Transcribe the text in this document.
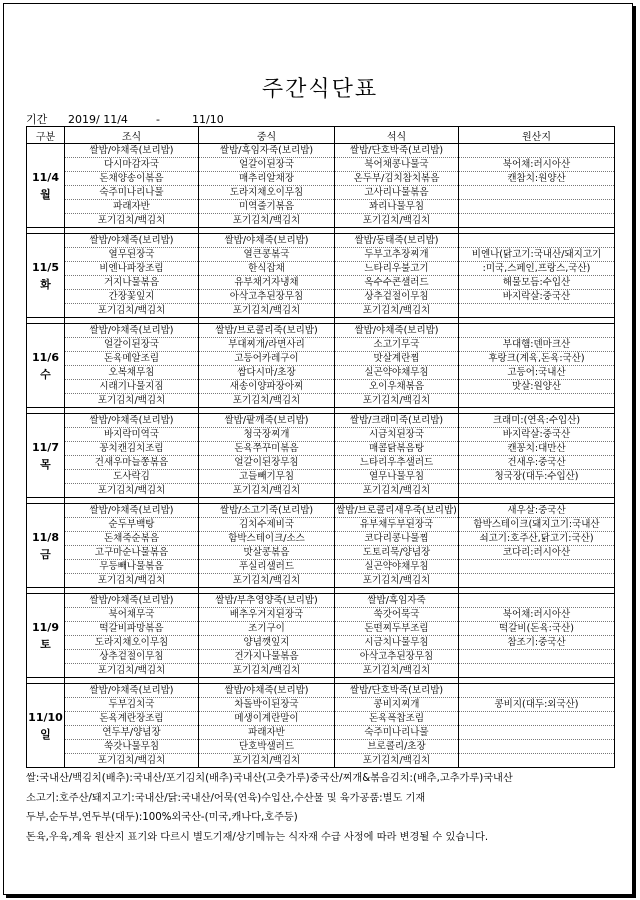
주간식단표
기간 2019/ 11/4	-	11/10
구분	조식	중식	석식	원산지
11/4
월	쌀밥/야채죽(보리밥)	쌀밥/흑임자죽(보리밥)	쌀밥/단호박죽(보리밥)	
	다시마감자국	얼갈이된장국	북어채콩나물국	북어채:러시아산
	돈채양송이볶음	매추리알채장	온두부/김치참치볶음	캔참치:원양산
	숙주미나리나물	도라지채오이무침	고사리나물볶음	
	파래자반	미역줄기볶음	꽈리나물무침	
	포기김치/백김치	포기김치/백김치	포기김치/백김치	

11/5
화	쌀밥/야채죽(보리밥)	쌀밥/야채죽(보리밥)	쌀밥/동태죽(보리밥)	
	열무된장국	열큰콩볶국	두부고추장찌개	비엔나(닭고기:국내산/돼지고기
	비엔나파장조림	한식잡채	느타리우불고기	:미국,스페인,프랑스,국산)
	거지나물볶음	유부채거자냉채	옥수수콘샐러드	해물모듬:수입산
	간장꽃잎지	아삭고추된장무침	상추겉절이무침	바지락살:중국산
	포기김치/백김치	포기김치/백김치	포기김치/백김치	

11/6
수	쌀밥/야채죽(보리밥)	쌀밥/브로콜리죽(보리밥)	쌀밥/야채죽(보리밥)	
	얼갈이된장국	부대찌개/라면사리	소고기무국	부대햄:덴마크산
	돈육메알조림	고등어카레구이	맛살계란찜	후랑크(계육,돈육:국산)
	오복채무침	쌈다시마/초장	실곤약야채무침	고등어:국내산
	시래기나물지짐	새송이양파장아찌	오이우채볶음	맛살:원양산
	포기김치/백김치	포기김치/백김치	포기김치/백김치	

11/7
목	쌀밥/야채죽(보리밥)	쌀밥/팥깨죽(보리밥)	쌀밥/크래미죽(보리밥)	크래미:(연육:수입산)
	바지락미역국	청국장찌개	시금치된장국	바지락살:중국산
	꽁치캔김치조림	돈육쭈꾸미볶음	매콤닭볶음탕	캔꽁치:대만산
	건새우마늘쫑볶음	얼갈이된장무침	느타리우추샐러드	건새우:중국산
	도사락김	고들빼기무침	열무나물무침	청국장(대두:수입산)
	포기김치/백김치	포기김치/백김치	포기김치/백김치	

11/8
금	쌀밥/야채죽(보리밥)	쌀밥/소고기죽(보리밥)	쌀밥/브로콜리새우죽(보리밥)	새우살:중국산
	순두부백탕	김치수제비국	유부채두부된장국	함박스테이크(돼지고기:국내산
	돈채죽순볶음	함박스테이크/소스	코다리콩나물찜	쇠고기:호주산,닭고기:국산)
	고구마순나물볶음	맛살콩볶음	도토리묵/양념장	코다리:러시아산
	무등빼나물볶음	푸실리샐러드	실곤약야채무침	
	포기김치/백김치	포기김치/백김치	포기김치/백김치	

11/9
토	쌀밥/야채죽(보리밥)	쌀밥/부추영양죽(보리밥)	쌀밥/흑임자죽	
	북어채무국	배추우거지된장국	쑥갓어묵국	북어채:러시아산
	떡갈비파망볶음	조기구이	돈떤찌두부조림	떡갈비(돈육:국산)
	도라지채오이무침	양념깻잎지	시금치나물무침	참조기:중국산
	상추겉절이무침	건가지나물볶음	아삭고추된장무침	
	포기김치/백김치	포기김치/백김치	포기김치/백김치	

11/10
일	쌀밥/야채죽(보리밥)	쌀밥/야채죽(보리밥)	쌀밥/단호박죽(보리밥)	
	두부김치국	차돌박이된장국	콩비지찌개	콩비지(대두:외국산)
	돈육계란장조림	메생이계란말이	돈육폭찹조림	
	연두부/양념장	파래자반	숙주미나리나물	
	쑥갓나물무침	단호박샐러드	브로콜리/초장	
	포기김치/백김치	포기김치/백김치	포기김치/백김치	
쌀:국내산/백김치(배추):국내산/포기김치(배추)국내산(고춧가루)중국산/찌개&볶음김치:(배추,고추가루)국내산
소고기:호주산/돼지고기:국내산/닭:국내산/어묵(연육)수입산,수산물 및 육가공품:별도 기재
두부,순두부,연두부(대두):100%외국산-(미국,캐나다,호주등)
돈육,우육,계육 원산지 표기와 다르시 별도기재/상기메뉴는 식자재 수급 사정에 따라 변경될 수 있습니다.
